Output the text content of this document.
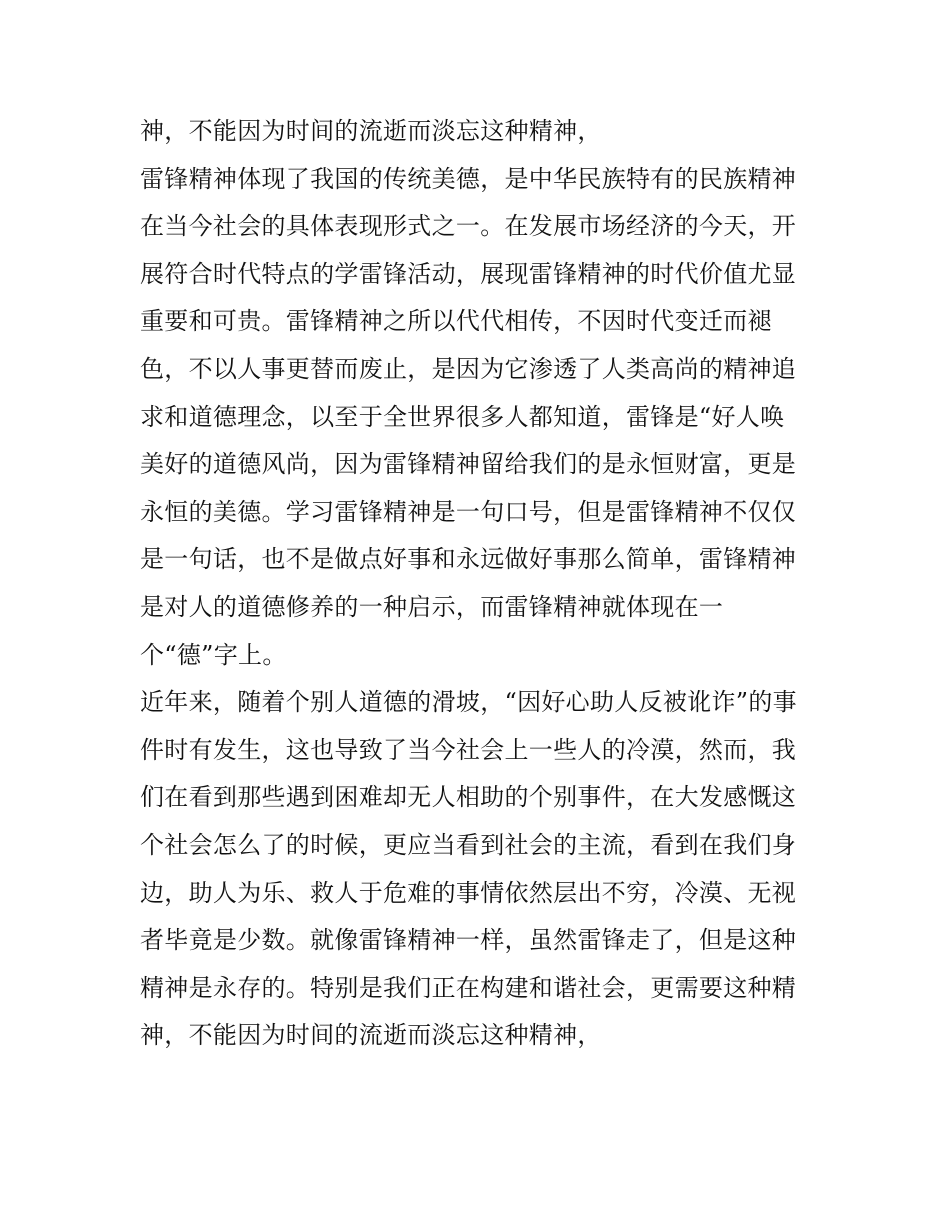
神，不能因为时间的流逝而淡忘这种精神，
雷锋精神体现了我国的传统美德，是中华民族特有的民族精神
在当今社会的具体表现形式之一。在发展市场经济的今天，开
展符合时代特点的学雷锋活动，展现雷锋精神的时代价值尤显
重要和可贵。雷锋精神之所以代代相传，不因时代变迁而褪
色，不以人事更替而废止，是因为它渗透了人类高尚的精神追
求和道德理念，以至于全世界很多人都知道，雷锋是“好人唤
美好的道德风尚，因为雷锋精神留给我们的是永恒财富，更是
永恒的美德。学习雷锋精神是一句口号，但是雷锋精神不仅仅
是一句话，也不是做点好事和永远做好事那么简单，雷锋精神
是对人的道德修养的一种启示，而雷锋精神就体现在一
个“德”字上。
近年来，随着个别人道德的滑坡，“因好心助人反被讹诈”的事
件时有发生，这也导致了当今社会上一些人的冷漠，然而，我
们在看到那些遇到困难却无人相助的个别事件，在大发感慨这
个社会怎么了的时候，更应当看到社会的主流，看到在我们身
边，助人为乐、救人于危难的事情依然层出不穷，冷漠、无视
者毕竟是少数。就像雷锋精神一样，虽然雷锋走了，但是这种
精神是永存的。特别是我们正在构建和谐社会，更需要这种精
神，不能因为时间的流逝而淡忘这种精神，
